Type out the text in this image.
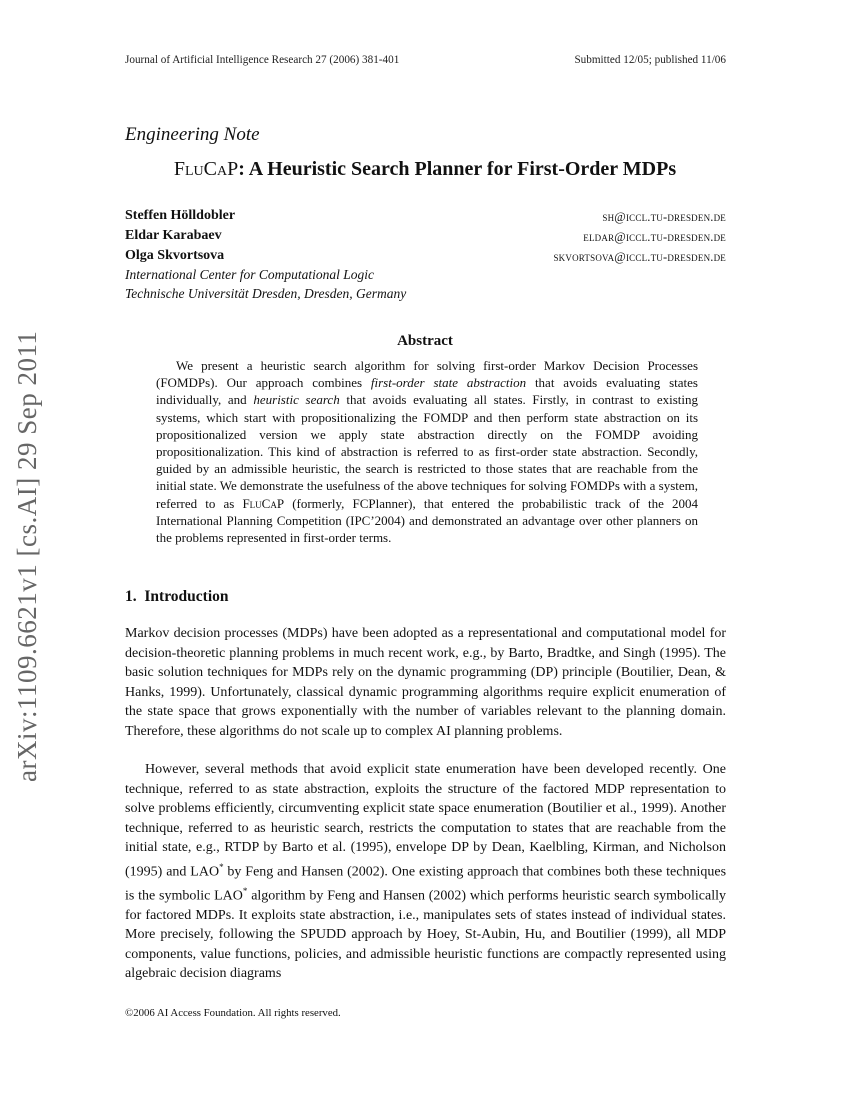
Journal of Artificial Intelligence Research 27 (2006) 381-401	Submitted 12/05; published 11/06
Engineering Note
FluCaP: A Heuristic Search Planner for First-Order MDPs
Steffen Hölldobler	sh@iccl.tu-dresden.de
Eldar Karabaev	eldar@iccl.tu-dresden.de
Olga Skvortsova	skvortsova@iccl.tu-dresden.de
International Center for Computational Logic
Technische Universität Dresden, Dresden, Germany
arXiv:1109.6621v1 [cs.AI] 29 Sep 2011	Abstract

We present a heuristic search algorithm for solving first-order Markov Decision Processes (FOMDPs). Our approach combines first-order state abstraction that avoids evaluating states individually, and heuristic search that avoids evaluating all states. Firstly, in contrast to existing systems, which start with propositionalizing the FOMDP and then perform state abstraction on its propositionalized version we apply state abstraction directly on the FOMDP avoiding propositionalization. This kind of abstraction is referred to as first-order state abstraction. Secondly, guided by an admissible heuristic, the search is restricted to those states that are reachable from the initial state. We demonstrate the usefulness of the above techniques for solving FOMDPs with a system, referred to as FluCaP (formerly, FCPlanner), that entered the probabilistic track of the 2004 International Planning Competition (IPC’2004) and demonstrated an advantage over other planners on the problems represented in first-order terms.

1. Introduction

Markov decision processes (MDPs) have been adopted as a representational and computational model for decision-theoretic planning problems in much recent work, e.g., by Barto, Bradtke, and Singh (1995). The basic solution techniques for MDPs rely on the dynamic programming (DP) principle (Boutilier, Dean, & Hanks, 1999). Unfortunately, classical dynamic programming algorithms require explicit enumeration of the state space that grows exponentially with the number of variables relevant to the planning domain. Therefore, these algorithms do not scale up to complex AI planning problems.

However, several methods that avoid explicit state enumeration have been developed recently. One technique, referred to as state abstraction, exploits the structure of the factored MDP representation to solve problems efficiently, circumventing explicit state space enumeration (Boutilier et al., 1999). Another technique, referred to as heuristic search, restricts the computation to states that are reachable from the initial state, e.g., RTDP by Barto et al. (1995), envelope DP by Dean, Kaelbling, Kirman, and Nicholson (1995) and LAO* by Feng and Hansen (2002). One existing approach that combines both these techniques is the symbolic LAO* algorithm by Feng and Hansen (2002) which performs heuristic search symbolically for factored MDPs. It exploits state abstraction, i.e., manipulates sets of states instead of individual states. More precisely, following the SPUDD approach by Hoey, St-Aubin, Hu, and Boutilier (1999), all MDP components, value functions, policies, and admissible heuristic functions are compactly represented using algebraic decision diagrams

©2006 AI Access Foundation. All rights reserved.
